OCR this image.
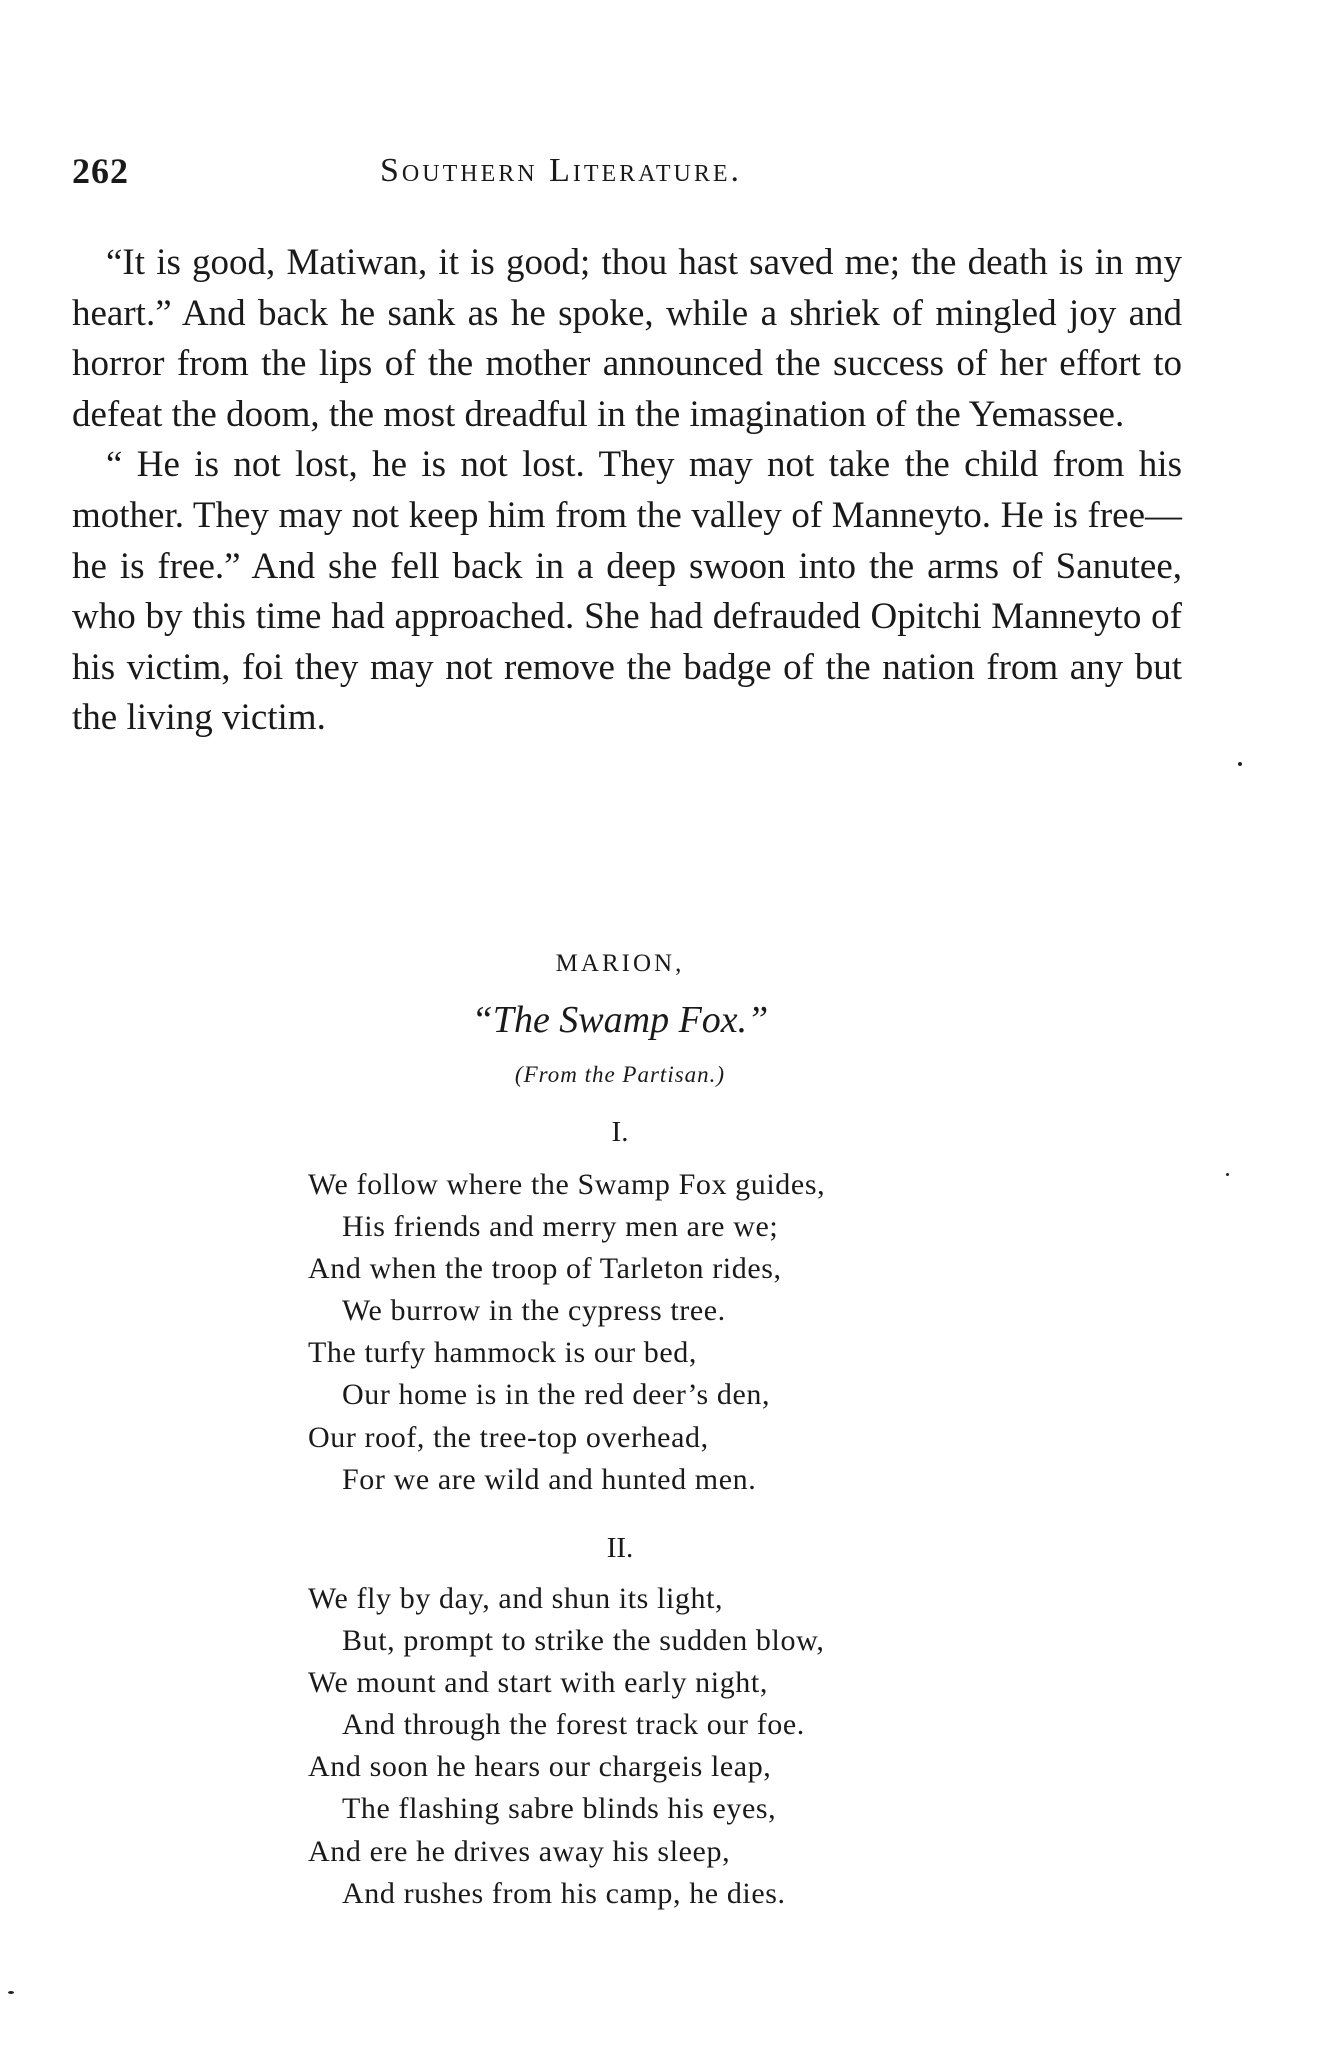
262	Southern Literature.

“It is good, Matiwan, it is good; thou hast saved me; the death is in my heart.” And back he sank as he spoke, while a shriek of mingled joy and horror from the lips of the mother announced the success of her effort to defeat the doom, the most dreadful in the imagination of the Yemassee.

“ He is not lost, he is not lost. They may not take the child from his mother. They may not keep him from the valley of Manneyto. He is free—he is free.” And she fell back in a deep swoon into the arms of Sanutee, who by this time had approached. She had defrauded Opitchi Manneyto of his victim, foi they may not remove the badge of the nation from any but the living victim.

MARION,
“The Swamp Fox.”
(From the Partisan.)
I.
We follow where the Swamp Fox guides,
His friends and merry men are we;
And when the troop of Tarleton rides,
We burrow in the cypress tree.
The turfy hammock is our bed,
Our home is in the red deer’s den,
Our roof, the tree-top overhead,
For we are wild and hunted men.
II.
We fly by day, and shun its light,
But, prompt to strike the sudden blow,
We mount and start with early night,
And through the forest track our foe.
And soon he hears our chargeis leap,
The flashing sabre blinds his eyes,
And ere he drives away his sleep,
And rushes from his camp, he dies.
